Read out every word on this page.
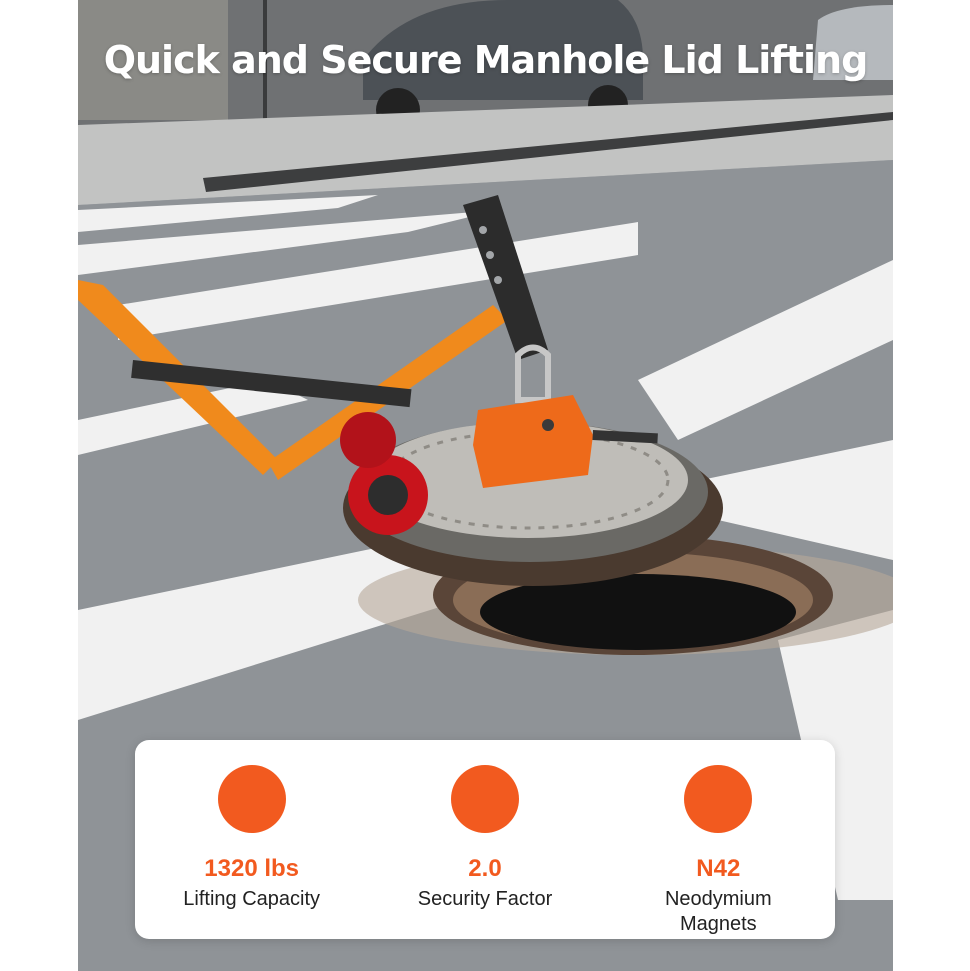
Quick and Secure Manhole Lid Lifting
KG
1320 lbs
Lifting Capacity
2.0
Security Factor
N42
Neodymium Magnets
